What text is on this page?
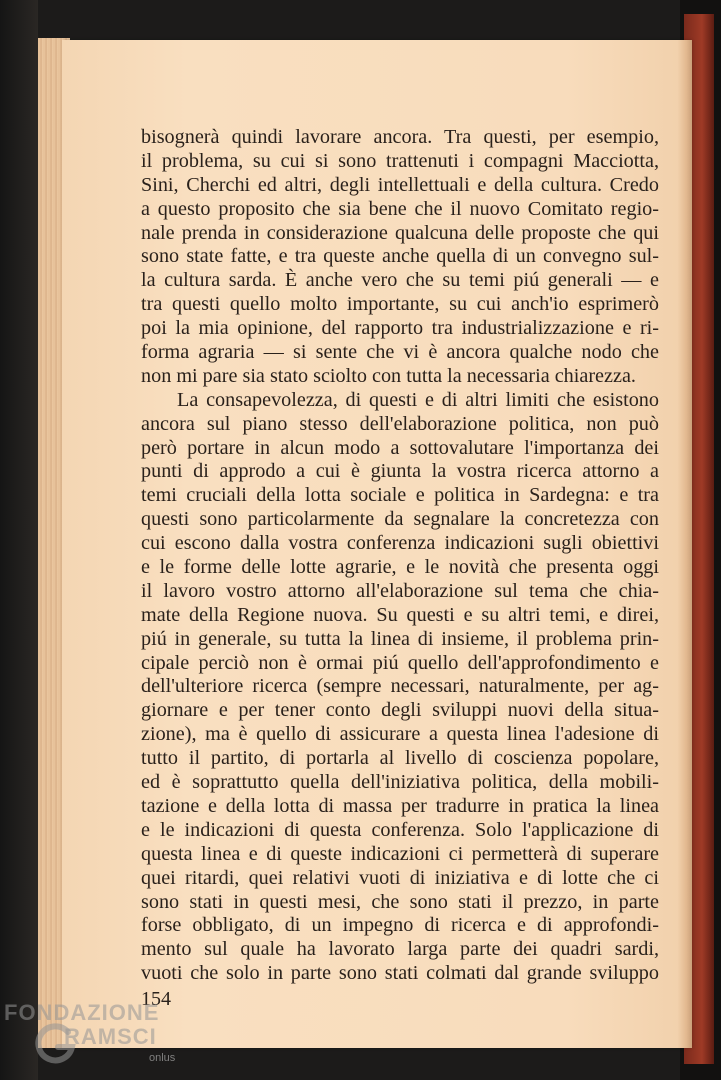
bisognerà quindi lavorare ancora. Tra questi, per esempio,
il problema, su cui si sono trattenuti i compagni Macciotta,
Sini, Cherchi ed altri, degli intellettuali e della cultura. Credo
a questo proposito che sia bene che il nuovo Comitato regio-
nale prenda in considerazione qualcuna delle proposte che qui
sono state fatte, e tra queste anche quella di un convegno sul-
la cultura sarda. È anche vero che su temi piú generali — e
tra questi quello molto importante, su cui anch'io esprimerò
poi la mia opinione, del rapporto tra industrializzazione e ri-
forma agraria — si sente che vi è ancora qualche nodo che
non mi pare sia stato sciolto con tutta la necessaria chiarezza.
La consapevolezza, di questi e di altri limiti che esistono
ancora sul piano stesso dell'elaborazione politica, non può
però portare in alcun modo a sottovalutare l'importanza dei
punti di approdo a cui è giunta la vostra ricerca attorno a
temi cruciali della lotta sociale e politica in Sardegna: e tra
questi sono particolarmente da segnalare la concretezza con
cui escono dalla vostra conferenza indicazioni sugli obiettivi
e le forme delle lotte agrarie, e le novità che presenta oggi
il lavoro vostro attorno all'elaborazione sul tema che chia-
mate della Regione nuova. Su questi e su altri temi, e direi,
piú in generale, su tutta la linea di insieme, il problema prin-
cipale perciò non è ormai piú quello dell'approfondimento e
dell'ulteriore ricerca (sempre necessari, naturalmente, per ag-
giornare e per tener conto degli sviluppi nuovi della situa-
zione), ma è quello di assicurare a questa linea l'adesione di
tutto il partito, di portarla al livello di coscienza popolare,
ed è soprattutto quella dell'iniziativa politica, della mobili-
tazione e della lotta di massa per tradurre in pratica la linea
e le indicazioni di questa conferenza. Solo l'applicazione di
questa linea e di queste indicazioni ci permetterà di superare
quei ritardi, quei relativi vuoti di iniziativa e di lotte che ci
sono stati in questi mesi, che sono stati il prezzo, in parte
forse obbligato, di un impegno di ricerca e di approfondi-
mento sul quale ha lavorato larga parte dei quadri sardi,
vuoti che solo in parte sono stati colmati dal grande sviluppo
154
FONDAZIONE
RAMSCI
onlus
